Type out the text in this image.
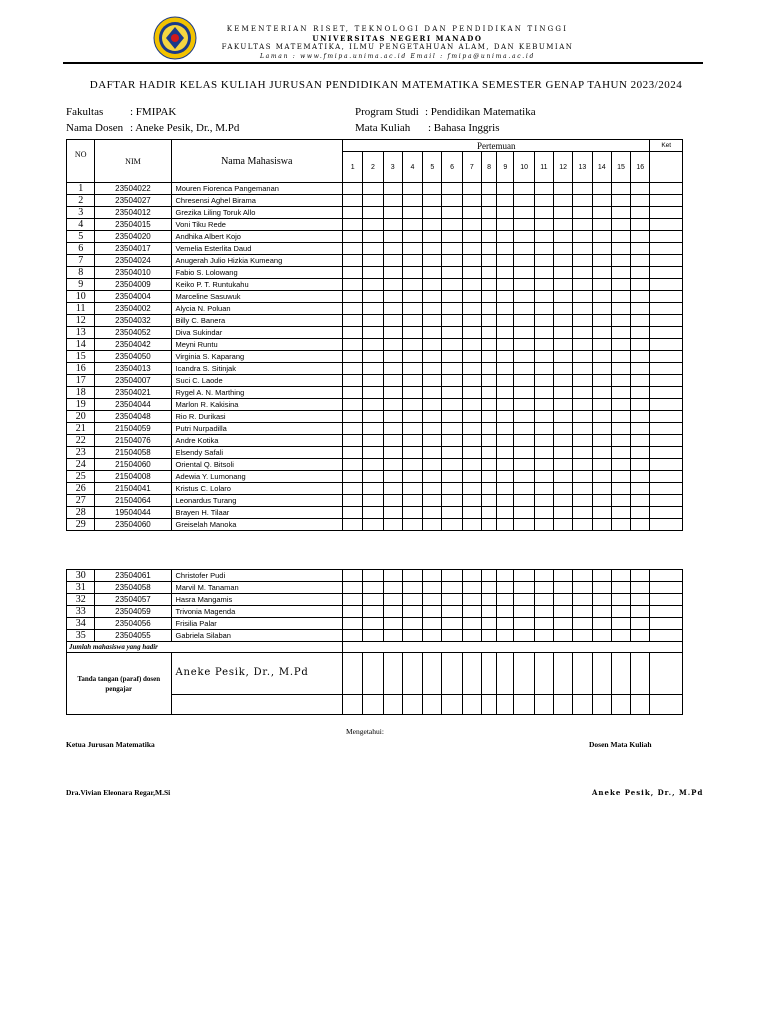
KEMENTERIAN RISET, TEKNOLOGI DAN PENDIDIKAN TINGGI
UNIVERSITAS NEGERI MANADO
FAKULTAS MATEMATIKA, ILMU PENGETAHUAN ALAM, DAN KEBUMIAN
Laman : www.fmipa.unima.ac.id Email : fmipa@unima.ac.id
DAFTAR HADIR KELAS KULIAH JURUSAN PENDIDIKAN MATEMATIKA SEMESTER GENAP TAHUN 2023/2024
Fakultas : FMIPAK
Nama Dosen : Aneke Pesik, Dr., M.Pd
Program Studi : Pendidikan Matematika
Mata Kuliah : Bahasa Inggris
NO	NIM	Nama Mahasiswa	Pertemuan																Ket
			1	2	3	4	5	6	7	8	9	10	11	12	13	14	15	16	
1	23504022	Mouren Fiorenca Pangemanan																	
2	23504027	Chresensi Aghel Birama																	
3	23504012	Grezika Liling Toruk Allo																	
4	23504015	Voni Tiku Rede																	
5	23504020	Andhika Albert Kojo																	
6	23504017	Vemelia Esterlita Daud																	
7	23504024	Anugerah Julio Hizkia Kumeang																	
8	23504010	Fabio S. Lolowang																	
9	23504009	Keiko P. T. Runtukahu																	
10	23504004	Marceline Sasuwuk																	
11	23504002	Alycia N. Poluan																	
12	23504032	Billy C. Banera																	
13	23504052	Diva Sukindar																	
14	23504042	Meyni Runtu																	
15	23504050	Virginia S. Kaparang																	
16	23504013	Icandra S. Sitinjak																	
17	23504007	Suci C. Laode																	
18	23504021	Rygel A. N. Marthing																	
19	23504044	Marlon R. Kakisina																	
20	23504048	Rio R. Durikasi																	
21	21504059	Putri Nurpadilla																	
22	21504076	Andre Kotika																	
23	21504058	Elsendy Safali																	
24	21504060	Oriental Q. Bitsoli																	
25	21504008	Adewia Y. Lumonang																	
26	21504041	Kristus C. Lolaro																	
27	21504064	Leonardus Turang																	
28	19504044	Brayen H. Tilaar																	
29	23504060	Greiselah Manoka																	
30	23504061	Christofer Pudi																	
31	23504058	Marvil M. Tanaman																	
32	23504057	Hasra Mangamis																	
33	23504059	Trivonia Magenda																	
34	23504056	Frisilia Palar																	
35	23504055	Gabriela Silaban																	
Jumlah mahasiswa yang hadir																			
Tanda tangan (paraf) dosen pengajar		Aneke Pesik, Dr., M.Pd																	

Mengetahui:
Ketua Jurusan Matematika	Dosen Mata Kuliah
Dra.Vivian Eleonara Regar,M.Si	Aneke Pesik, Dr., M.Pd
